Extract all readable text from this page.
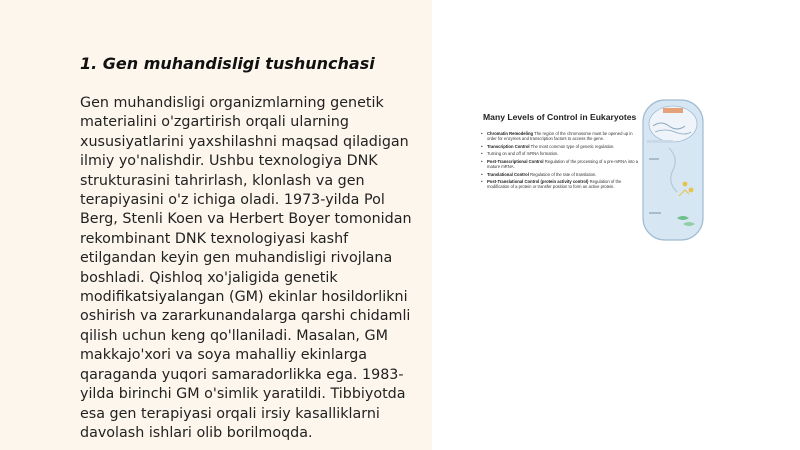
1. Gen muhandisligi tushunchasi

Gen muhandisligi organizmlarning genetik materialini o'zgartirish orqali ularning xususiyatlarini yaxshilashni maqsad qiladigan ilmiy yo'nalishdir. Ushbu texnologiya DNK strukturasini tahrirlash, klonlash va gen terapiyasini o'z ichiga oladi. 1973-yilda Pol Berg, Stenli Koen va Herbert Boyer tomonidan rekombinant DNK texnologiyasi kashf etilgandan keyin gen muhandisligi rivojlana boshladi. Qishloq xo'jaligida genetik modifikatsiyalangan (GM) ekinlar hosildorlikni oshirish va zararkunandalarga qarshi chidamli qilish uchun keng qo'llaniladi. Masalan, GM makkajo'xori va soya mahalliy ekinlarga qaraganda yuqori samaradorlikka ega. 1983-yilda birinchi GM o'simlik yaratildi. Tibbiyotda esa gen terapiyasi orqali irsiy kasalliklarni davolash ishlari olib borilmoqda.

Many Levels of Control in Eukaryotes
• Chromatin Remodeling The region of the chromosome must be opened up in order for enzymes and transcription factors to access the gene.
• Transcription Control The most common type of genetic regulation.
• Turning on and off of mRNA formation.
• Post-Transcriptional Control Regulation of the processing of a pre-mRNA into a mature mRNA.
• Translational Control Regulation of the rate of translation.
• Post-Translational Control (protein activity control) Regulation of the modification of a protein or transfer position to form an active protein.
